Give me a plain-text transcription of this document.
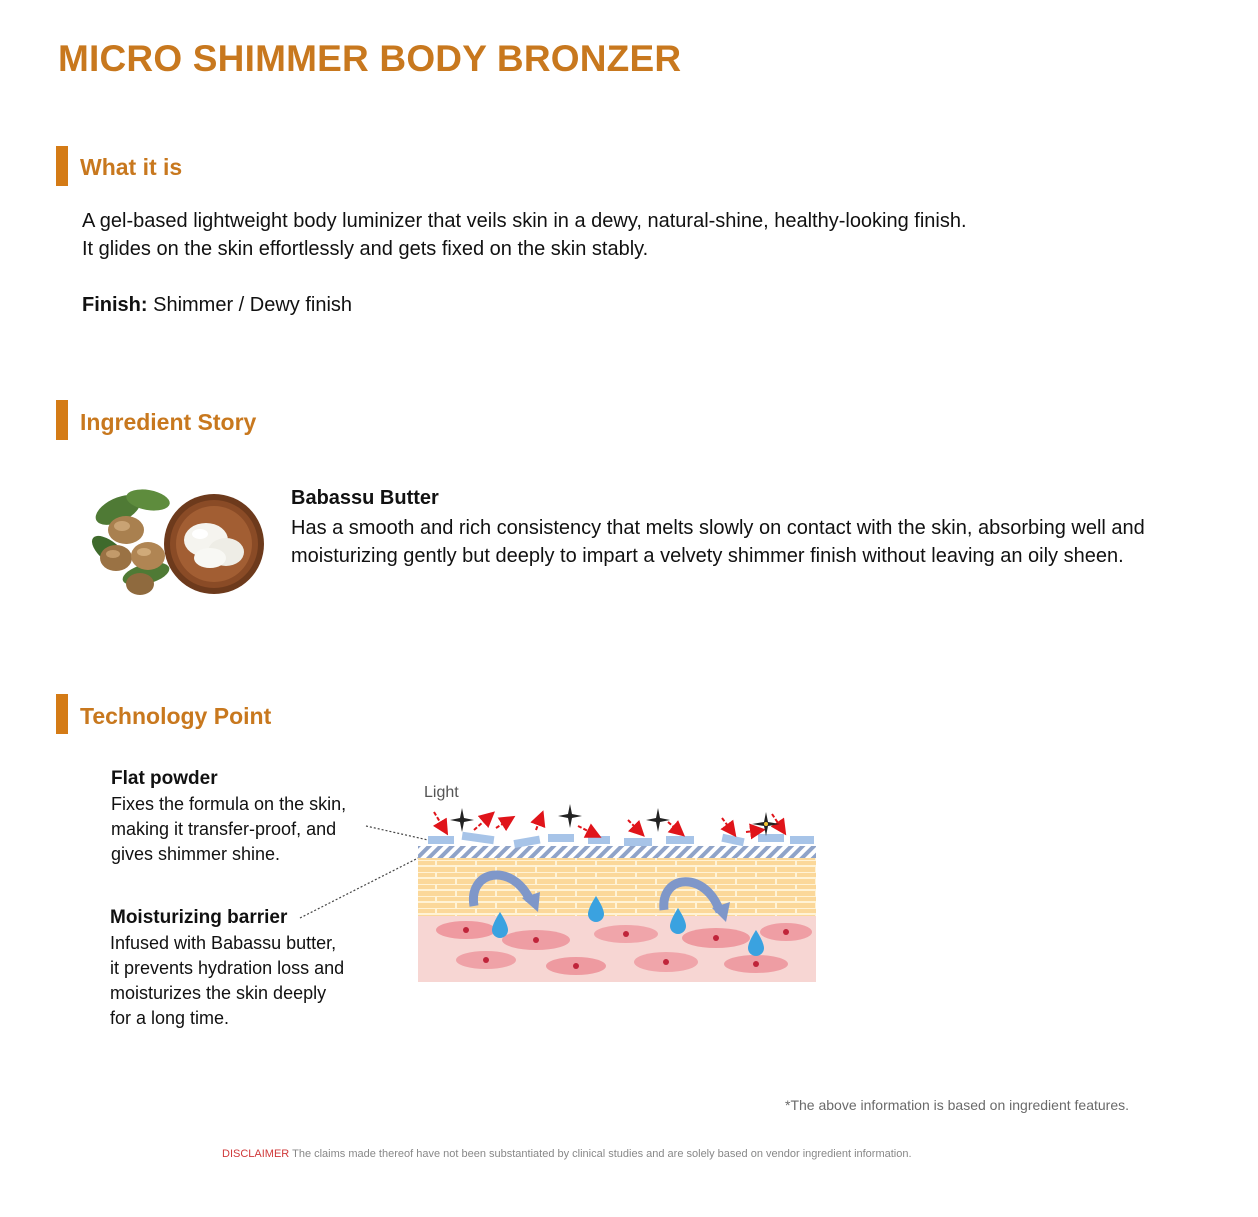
MICRO SHIMMER BODY BRONZER
What it is
A gel-based lightweight body luminizer that veils skin in a dewy, natural-shine, healthy-looking finish.
It glides on the skin effortlessly and gets fixed on the skin stably.
Finish: Shimmer / Dewy finish
Ingredient Story
Babassu Butter
Has a smooth and rich consistency that melts slowly on contact with the skin, absorbing well and moisturizing gently but deeply to impart a velvety shimmer finish without leaving an oily sheen.
Technology Point
Flat powder
Fixes the formula on the skin,
making it transfer-proof, and
gives shimmer shine.
Moisturizing barrier
Infused with Babassu butter,
it prevents hydration loss and
moisturizes the skin deeply
for a long time.
Light
*The above information is based on ingredient features.
DISCLAIMER The claims made thereof have not been substantiated by clinical studies and are solely based on vendor ingredient information.
